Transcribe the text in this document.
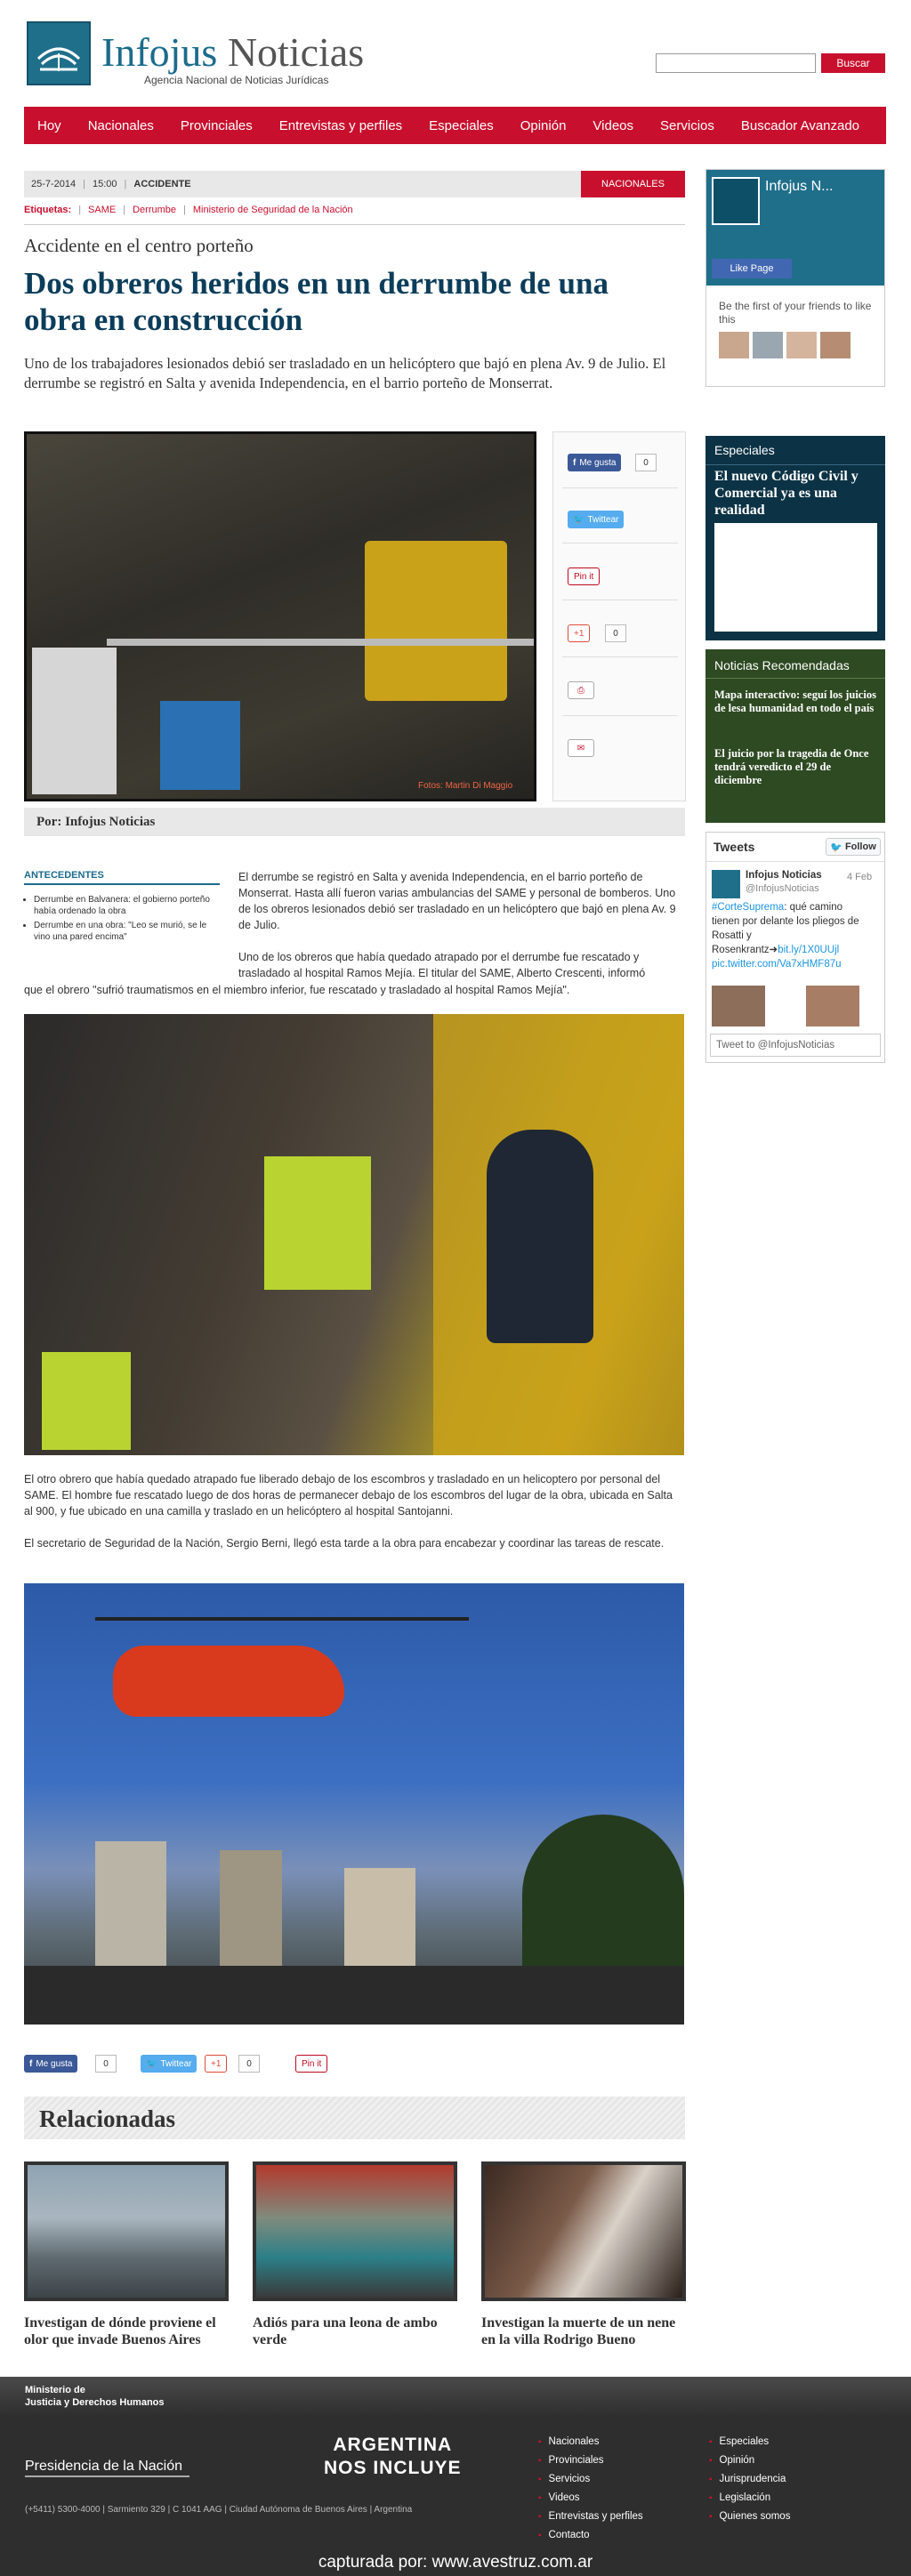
Infojus Noticias
Agencia Nacional de Noticias Jurídicas
Buscar
Hoy	Nacionales	Provinciales	Entrevistas y perfiles	Especiales	Opinión	Videos	Servicios	Buscador Avanzado
25-7-2014 | 15:00 | ACCIDENTE	NACIONALES
Etiquetas: | SAME | Derrumbe | Ministerio de Seguridad de la Nación
Accidente en el centro porteño
Dos obreros heridos en un derrumbe de una obra en construcción

Uno de los trabajadores lesionados debió ser trasladado en un helicóptero que bajó en plena Av. 9 de Julio. El derrumbe se registró en Salta y avenida Independencia, en el barrio porteño de Monserrat.

Fotos: Martin Di Maggio
f Me gusta	0
🐦 Twittear
Pin it
+1	0
⎙
✉
Por: Infojus Noticias
ANTECEDENTES
• Derrumbe en Balvanera: el gobierno porteño había ordenado la obra
• Derrumbe en una obra: "Leo se murió, se le vino una pared encima"

El derrumbe se registró en Salta y avenida Independencia, en el barrio porteño de Monserrat. Hasta allí fueron varias ambulancias del SAME y personal de bomberos. Uno de los obreros lesionados debió ser trasladado en un helicóptero que bajó en plena Av. 9 de Julio.

Uno de los obreros que había quedado atrapado por el derrumbe fue rescatado y trasladado al hospital Ramos Mejía. El titular del SAME, Alberto Crescenti, informó

que el obrero "sufrió traumatismos en el miembro inferior, fue rescatado y trasladado al hospital Ramos Mejía".

El otro obrero que había quedado atrapado fue liberado debajo de los escombros y trasladado en un helicoptero por personal del SAME. El hombre fue rescatado luego de dos horas de permanecer debajo de los escombros del lugar de la obra, ubicada en Salta al 900, y fue ubicado en una camilla y traslado en un helicóptero al hospital Santojanni.

El secretario de Seguridad de la Nación, Sergio Berni, llegó esta tarde a la obra para encabezar y coordinar las tareas de rescate.

f Me gusta	0	🐦 Twittear	+1	0	Pin it
Relacionadas
Investigan de dónde proviene el olor que invade Buenos Aires
Adiós para una leona de ambo verde
Investigan la muerte de un nene en la villa Rodrigo Bueno
Infojus N...
Like Page
Be the first of your friends to like this
Especiales
El nuevo Código Civil y Comercial ya es una realidad
Noticias Recomendadas
Mapa interactivo: seguí los juicios de lesa humanidad en todo el país
El juicio por la tragedia de Once tendrá veredicto el 29 de diciembre
Tweets	🐦 Follow
Infojus Noticias
@InfojusNoticias
4 Feb
#CorteSuprema: qué camino tienen por delante los pliegos de Rosatti y Rosenkrantz➜bit.ly/1X0UUjl pic.twitter.com/Va7xHMF87u
Tweet to @InfojusNoticias
Ministerio de
Justicia y Derechos Humanos
Presidencia de la Nación
(+5411) 5300-4000 | Sarmiento 329 | C 1041 AAG | Ciudad Autónoma de Buenos Aires | Argentina
ARGENTINA
NOS INCLUYE
▪ Nacionales
▪ Provinciales
▪ Servicios
▪ Videos
▪ Entrevistas y perfiles
▪ Contacto
▪ Especiales
▪ Opinión
▪ Jurisprudencia
▪ Legislación
▪ Quienes somos
capturada por: www.avestruz.com.ar
